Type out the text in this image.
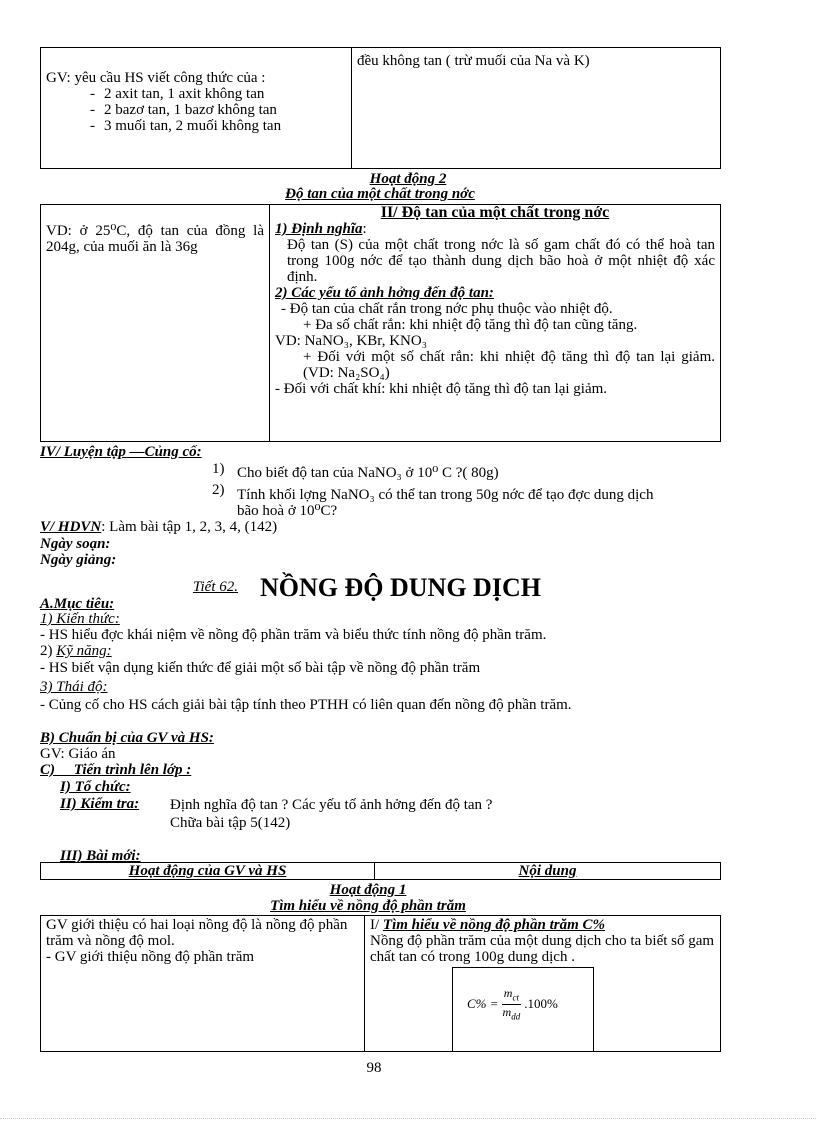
GV: yêu cầu HS viết công thức của :
- 2 axit tan, 1 axit không tan
- 2 bazơ tan, 1 bazơ không tan
- 3 muối tan, 2 muối không tan
	đều không tan ( trừ muối của Na và K)
Hoạt động 2
Độ tan của một chất trong nớc
VD: ở 25⁰C, độ tan của đồng là 204g, của muối ăn là 36g	
II/ Độ tan của một chất trong nớc
1) Định nghĩa:
Độ tan (S) của một chất trong nớc là số gam chất đó có thể hoà tan trong 100g nớc để tạo thành dung dịch bão hoà ở một nhiệt độ xác định.
2) Các yếu tố ảnh hởng đến độ tan:
- Độ tan của chất rắn trong nớc phụ thuộc vào nhiệt độ.
+ Đa số chất rắn: khi nhiệt độ tăng thì độ tan cũng tăng.
VD: NaNO₃, KBr, KNO₃
+ Đối với một số chất rắn: khi nhiệt độ tăng thì độ tan lại giảm. (VD: Na₂SO₄)
- Đối với chất khí: khi nhiệt độ tăng thì độ tan lại giảm.
IV/ Luyện tập —Củng cố:
1) Cho biết độ tan của NaNO₃ ở 10⁰ C ?( 80g)
2) Tính khối lợng NaNO₃ có thể tan trong 50g nớc để tạo đợc dung dịch bão hoà ở 10⁰C?
V/ HDVN: Làm bài tập 1, 2, 3, 4, (142)
Ngày soạn:
Ngày giảng:
Tiết 62. NỒNG ĐỘ DUNG DỊCH
A.Mục tiêu:
1) Kiến thức:
- HS hiểu đợc khái niệm về nồng độ phần trăm và biểu thức tính nồng độ phần trăm.
2) Kỹ năng:
- HS biết vận dụng kiến thức để giải một số bài tập về nồng độ phần trăm
3) Thái độ:
- Củng cố cho HS cách giải bài tập tính theo PTHH có liên quan đến nồng độ phần trăm.
B) Chuẩn bị của GV và HS:
GV: Giáo án
C)     Tiến trình lên lớp :
I) Tổ chức:
II) Kiểm tra: Định nghĩa độ tan ? Các yếu tố ảnh hởng đến độ tan ?
Chữa bài tập 5(142)
III) Bài mới:
Hoạt động của GV và HS	Nội dung
Hoạt động 1
Tìm hiểu về nồng độ phần trăm
GV giới thiệu có hai loại nồng độ là nồng độ phần trăm và nồng độ mol.
- GV giới thiệu nồng độ phần trăm

I/ Tìm hiểu về nồng độ phần trăm C%
Nồng độ phần trăm của một dung dịch cho ta biết số gam chất tan có trong 100g dung dịch .
$C\% = \frac{m_{ct}}{m_{dd}} .100\%$
98
